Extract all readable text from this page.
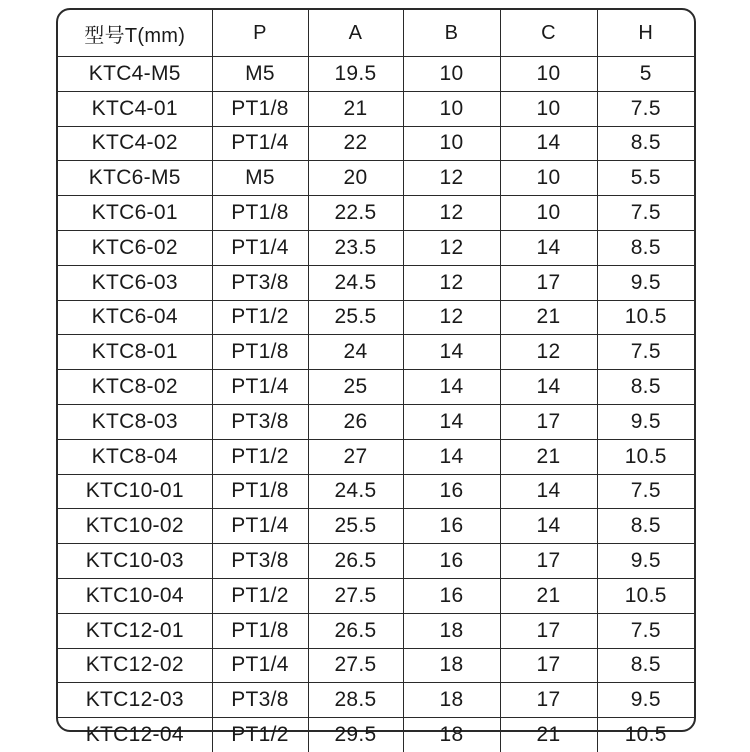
型号T(mm)	P	A	B	C	H
KTC4-M5	M5	19.5	10	10	5
KTC4-01	PT1/8	21	10	10	7.5
KTC4-02	PT1/4	22	10	14	8.5
KTC6-M5	M5	20	12	10	5.5
KTC6-01	PT1/8	22.5	12	10	7.5
KTC6-02	PT1/4	23.5	12	14	8.5
KTC6-03	PT3/8	24.5	12	17	9.5
KTC6-04	PT1/2	25.5	12	21	10.5
KTC8-01	PT1/8	24	14	12	7.5
KTC8-02	PT1/4	25	14	14	8.5
KTC8-03	PT3/8	26	14	17	9.5
KTC8-04	PT1/2	27	14	21	10.5
KTC10-01	PT1/8	24.5	16	14	7.5
KTC10-02	PT1/4	25.5	16	14	8.5
KTC10-03	PT3/8	26.5	16	17	9.5
KTC10-04	PT1/2	27.5	16	21	10.5
KTC12-01	PT1/8	26.5	18	17	7.5
KTC12-02	PT1/4	27.5	18	17	8.5
KTC12-03	PT3/8	28.5	18	17	9.5
KTC12-04	PT1/2	29.5	18	21	10.5
